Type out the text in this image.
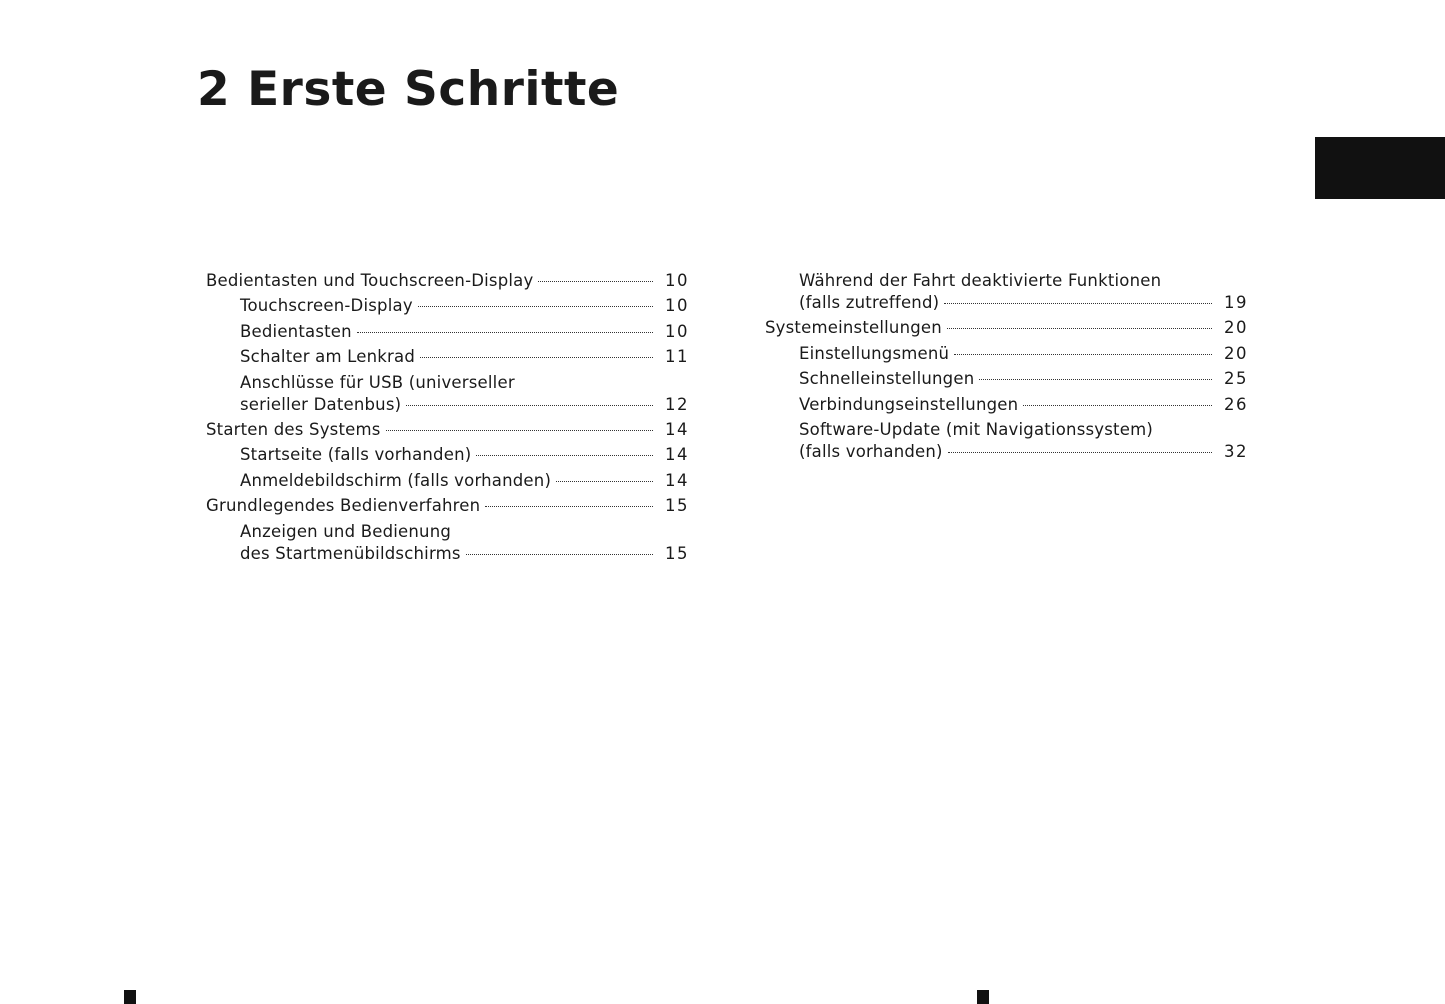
2 Erste Schritte
Bedientasten und Touchscreen-Display	10
Touchscreen-Display	10
Bedientasten	10
Schalter am Lenkrad	11
Anschlüsse für USB (universeller
serieller Datenbus)	12
Starten des Systems	14
Startseite (falls vorhanden)	14
Anmeldebildschirm (falls vorhanden)	14
Grundlegendes Bedienverfahren	15
Anzeigen und Bedienung
des Startmenübildschirms	15
Während der Fahrt deaktivierte Funktionen
(falls zutreffend)	19
Systemeinstellungen	20
Einstellungsmenü	20
Schnelleinstellungen	25
Verbindungseinstellungen	26
Software-Update (mit Navigationssystem)
(falls vorhanden)	32
